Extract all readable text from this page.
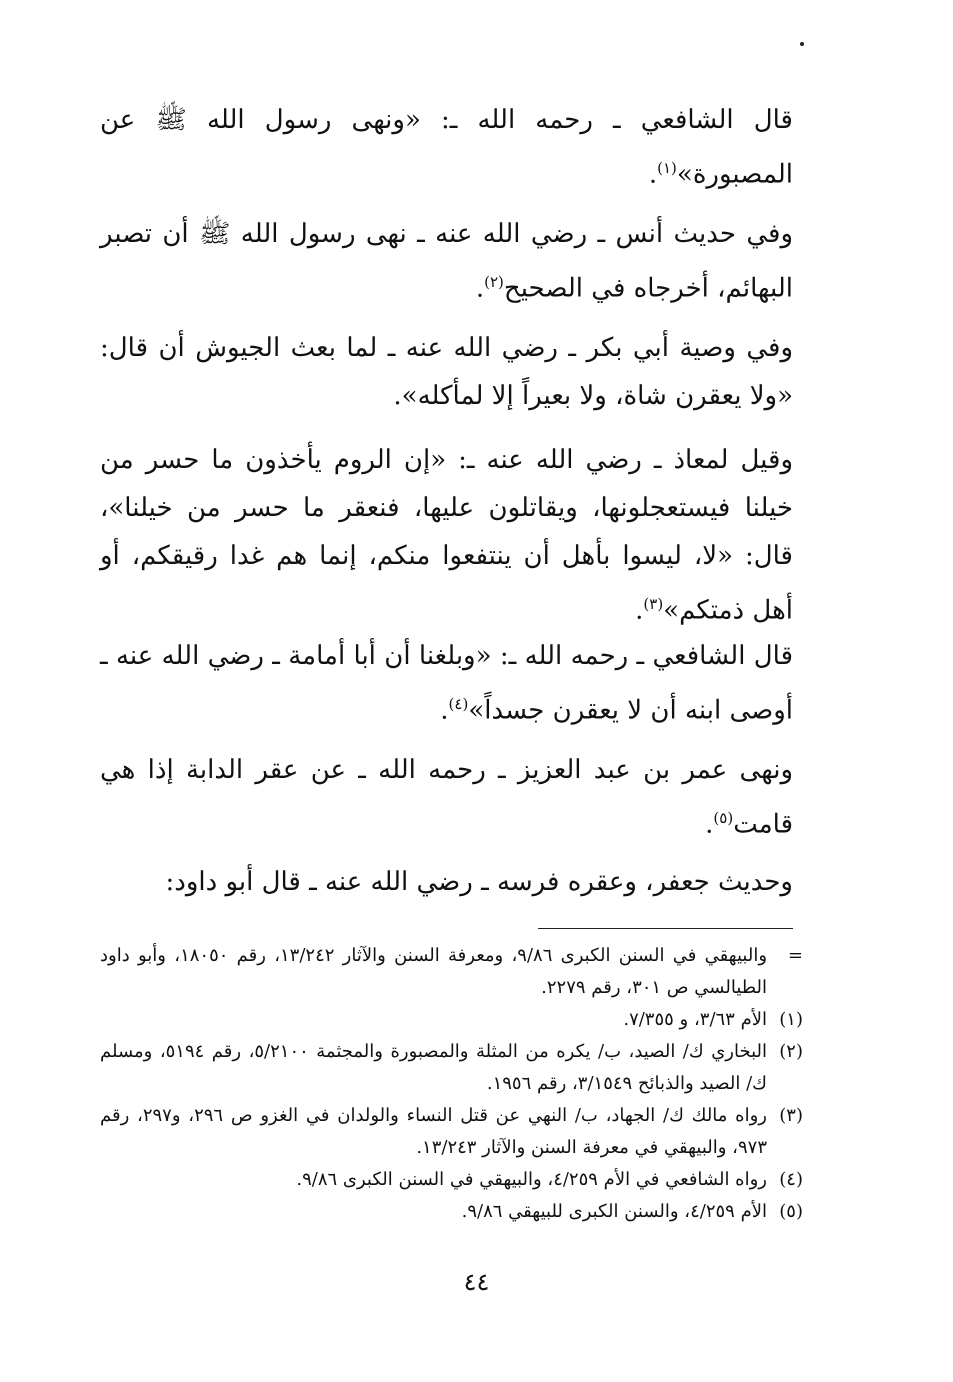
قال الشافعي ـ رحمه الله ـ: «ونهى رسول الله ﷺ عن المصبورة»$^{(١)}$.

وفي حديث أنس ـ رضي الله عنه ـ نهى رسول الله ﷺ أن تصبر البهائم، أخرجاه في الصحيح$^{(٢)}$.

وفي وصية أبي بكر ـ رضي الله عنه ـ لما بعث الجيوش أن قال: «ولا يعقرن شاة، ولا بعيراً إلا لمأكله».

وقيل لمعاذ ـ رضي الله عنه ـ: «إن الروم يأخذون ما حسر من خيلنا فيستعجلونها، ويقاتلون عليها، فنعقر ما حسر من خيلنا»، قال: «لا، ليسوا بأهل أن ينتفعوا منكم، إنما هم غدا رقيقكم، أو أهل ذمتكم»$^{(٣)}$.

قال الشافعي ـ رحمه الله ـ: «وبلغنا أن أبا أمامة ـ رضي الله عنه ـ أوصى ابنه أن لا يعقرن جسداً»$^{(٤)}$.

ونهى عمر بن عبد العزيز ـ رحمه الله ـ عن عقر الدابة إذا هي قامت$^{(٥)}$.

وحديث جعفر، وعقره فرسه ـ رضي الله عنه ـ قال أبو داود:

=
والبيهقي في السنن الكبرى ٩/٨٦، ومعرفة السنن والآثار ١٣/٢٤٢، رقم ١٨٠٥٠، وأبو داود الطيالسي ص ٣٠١، رقم ٢٢٧٩.
(١)
الأم ٣/٦٣، و ٧/٣٥٥.
(٢)
البخاري ك/ الصيد، ب/ يكره من المثلة والمصبورة والمجثمة ٥/٢١٠٠، رقم ٥١٩٤، ومسلم ك/ الصيد والذبائح ٣/١٥٤٩، رقم ١٩٥٦.
(٣)
رواه مالك ك/ الجهاد، ب/ النهي عن قتل النساء والولدان في الغزو ص ٢٩٦، و٢٩٧، رقم ٩٧٣، والبيهقي في معرفة السنن والآثار ١٣/٢٤٣.
(٤)
رواه الشافعي في الأم ٤/٢٥٩، والبيهقي في السنن الكبرى ٩/٨٦.
(٥)
الأم ٤/٢٥٩، والسنن الكبرى للبيهقي ٩/٨٦.
٤٤
